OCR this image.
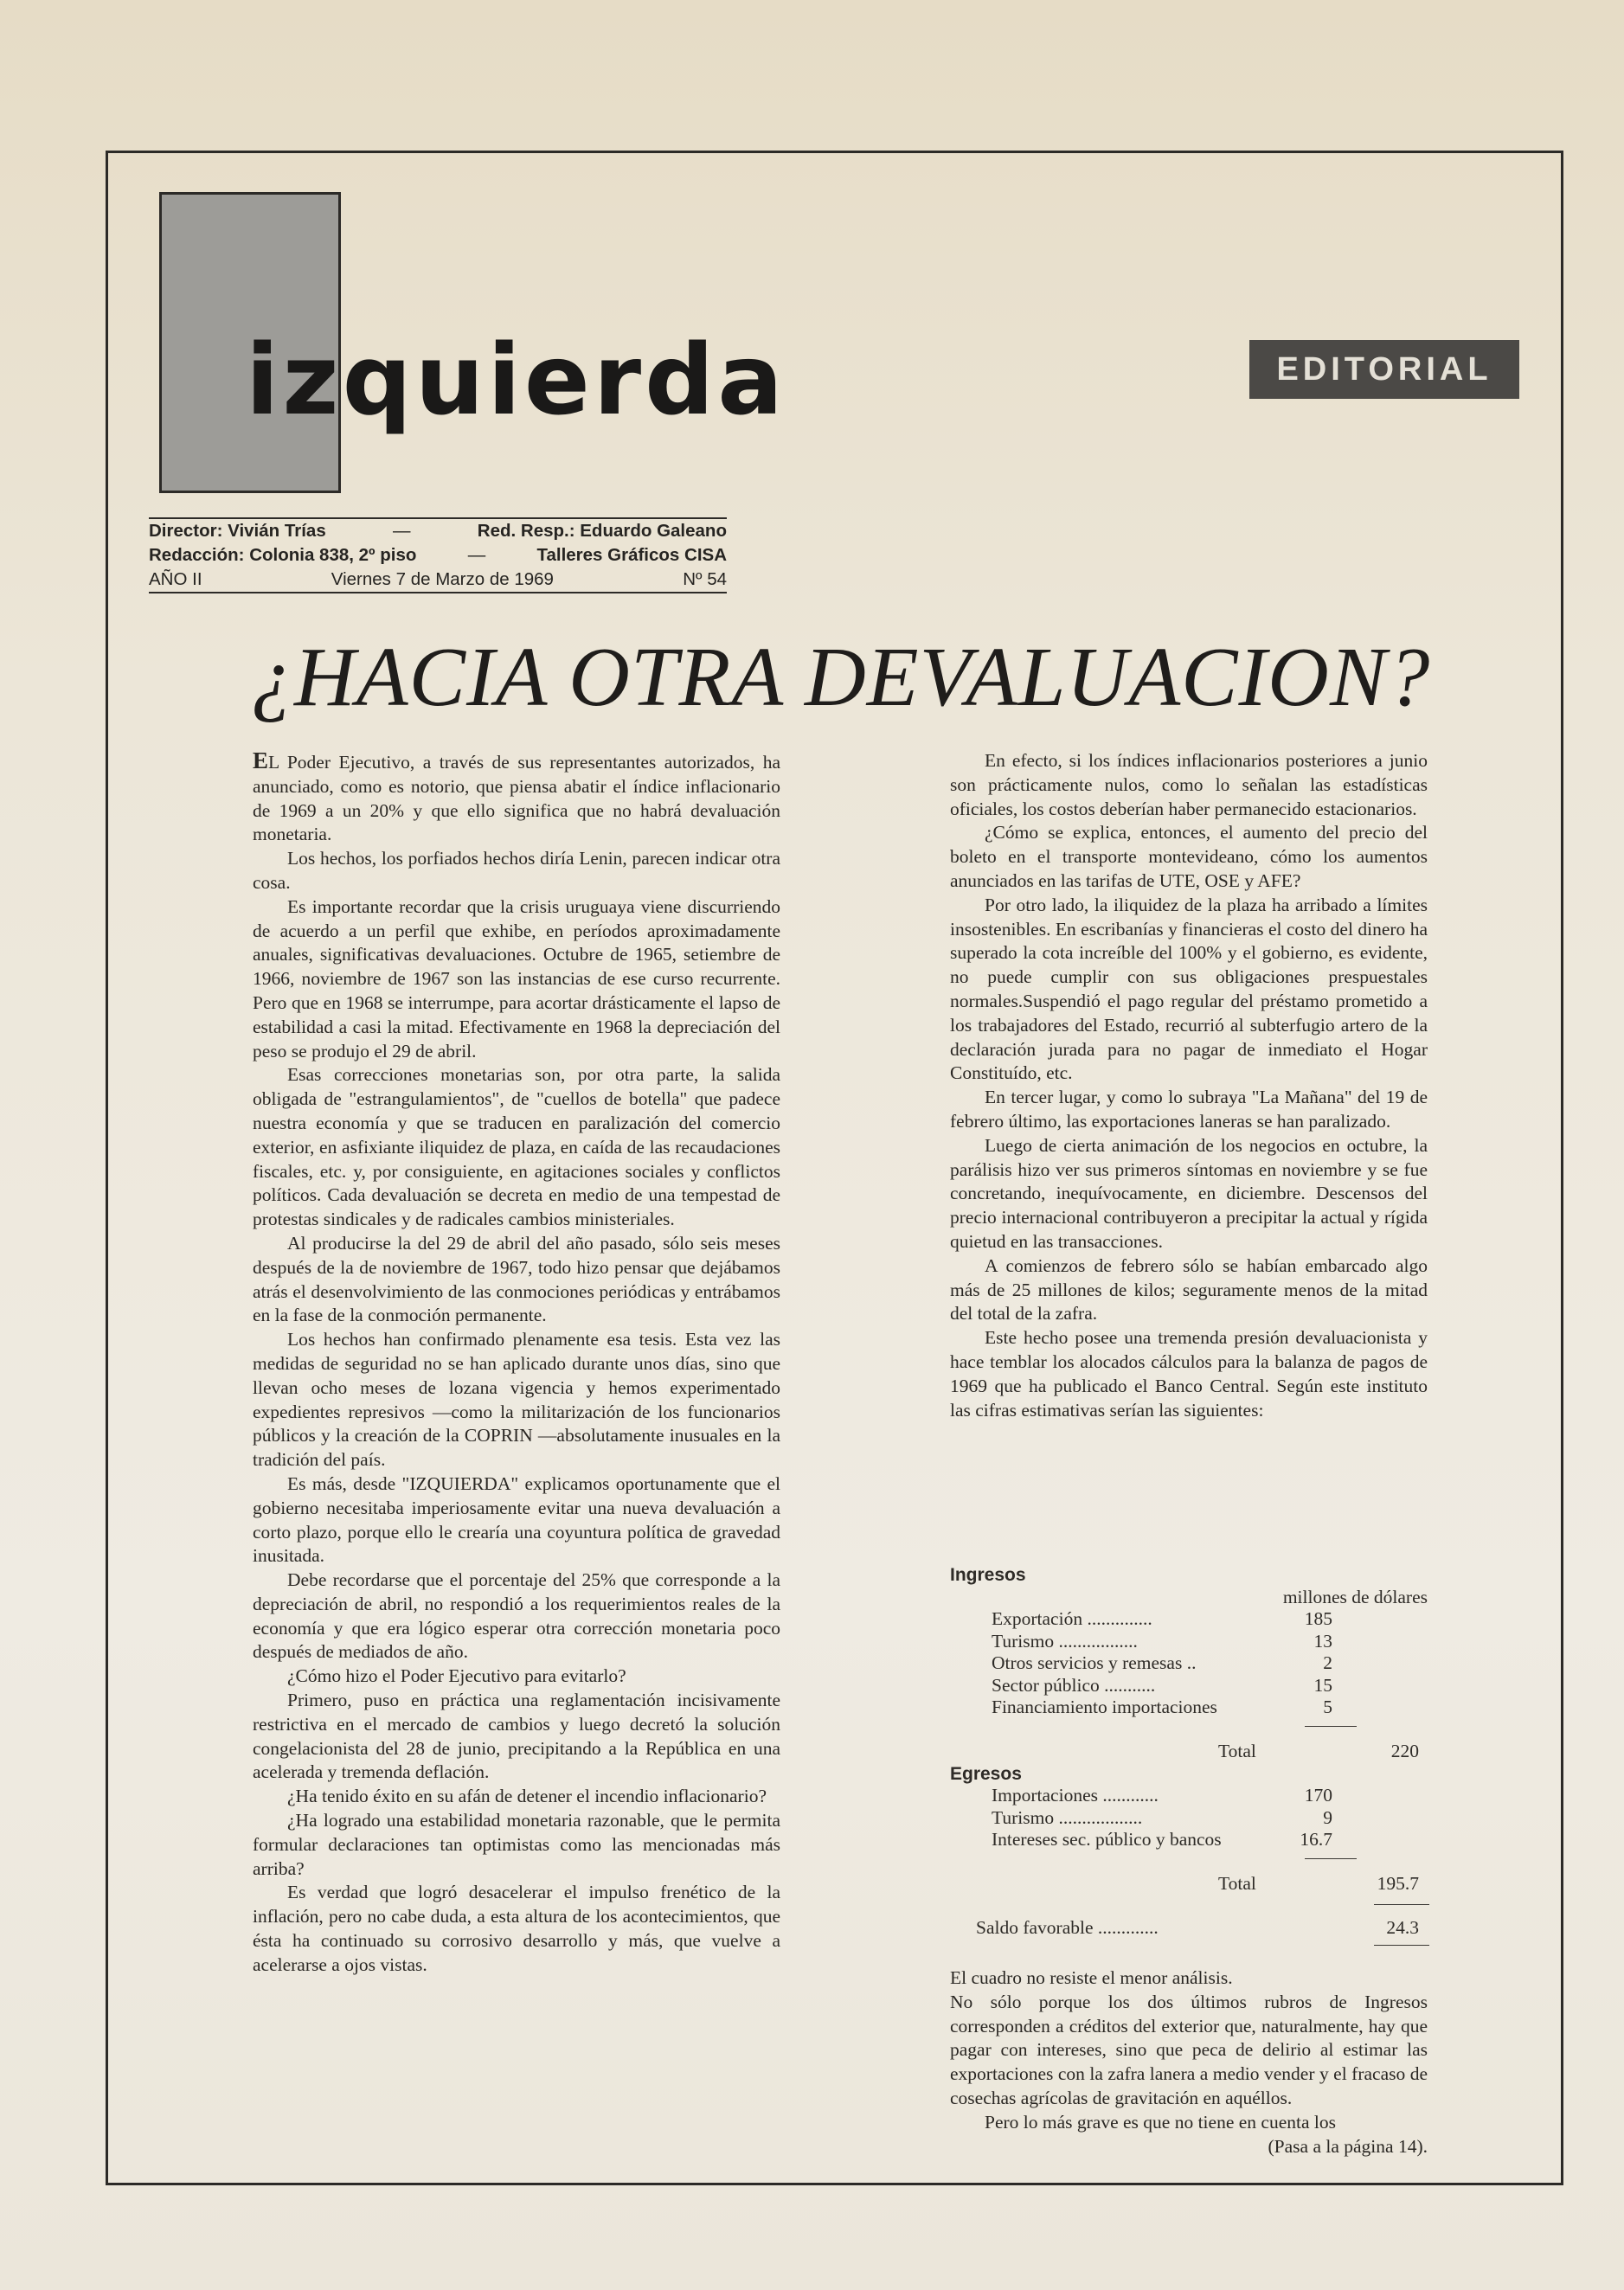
izquierda	EDITORIAL
Director: Vivián Trías	—	Red. Resp.: Eduardo Galeano
Redacción: Colonia 838, 2º piso	—	Talleres Gráficos CISA
AÑO II	Viernes 7 de Marzo de 1969	Nº 54
¿HACIA OTRA DEVALUACION?

EL Poder Ejecutivo, a través de sus representantes autorizados, ha anunciado, como es notorio, que piensa abatir el índice inflacionario de 1969 a un 20% y que ello significa que no habrá devaluación monetaria.

Los hechos, los porfiados hechos diría Lenin, parecen indicar otra cosa.

Es importante recordar que la crisis uruguaya viene discurriendo de acuerdo a un perfil que exhibe, en períodos aproximadamente anuales, significativas devaluaciones. Octubre de 1965, setiembre de 1966, noviembre de 1967 son las instancias de ese curso recurrente. Pero que en 1968 se interrumpe, para acortar drásticamente el lapso de estabilidad a casi la mitad. Efectivamente en 1968 la depreciación del peso se produjo el 29 de abril.

Esas correcciones monetarias son, por otra parte, la salida obligada de "estrangulamientos", de "cuellos de botella" que padece nuestra economía y que se traducen en paralización del comercio exterior, en asfixiante iliquidez de plaza, en caída de las recaudaciones fiscales, etc. y, por consiguiente, en agitaciones sociales y conflictos políticos. Cada devaluación se decreta en medio de una tempestad de protestas sindicales y de radicales cambios ministeriales.

Al producirse la del 29 de abril del año pasado, sólo seis meses después de la de noviembre de 1967, todo hizo pensar que dejábamos atrás el desenvolvimiento de las conmociones periódicas y entrábamos en la fase de la conmoción permanente.

Los hechos han confirmado plenamente esa tesis. Esta vez las medidas de seguridad no se han aplicado durante unos días, sino que llevan ocho meses de lozana vigencia y hemos experimentado expedientes represivos —como la militarización de los funcionarios públicos y la creación de la COPRIN —absolutamente inusuales en la tradición del país.

Es más, desde "IZQUIERDA" explicamos oportunamente que el gobierno necesitaba imperiosamente evitar una nueva devaluación a corto plazo, porque ello le crearía una coyuntura política de gravedad inusitada.

Debe recordarse que el porcentaje del 25% que corresponde a la depreciación de abril, no respondió a los requerimientos reales de la economía y que era lógico esperar otra corrección monetaria poco después de mediados de año.

¿Cómo hizo el Poder Ejecutivo para evitarlo?

Primero, puso en práctica una reglamentación incisivamente restrictiva en el mercado de cambios y luego decretó la solución congelacionista del 28 de junio, precipitando a la República en una acelerada y tremenda deflación.

¿Ha tenido éxito en su afán de detener el incendio inflacionario?

¿Ha logrado una estabilidad monetaria razonable, que le permita formular declaraciones tan optimistas como las mencionadas más arriba?

Es verdad que logró desacelerar el impulso frenético de la inflación, pero no cabe duda, a esta altura de los acontecimientos, que ésta ha continuado su corrosivo desarrollo y más, que vuelve a acelerarse a ojos vistas.

En efecto, si los índices inflacionarios posteriores a junio son prácticamente nulos, como lo señalan las estadísticas oficiales, los costos deberían haber permanecido estacionarios.

¿Cómo se explica, entonces, el aumento del precio del boleto en el transporte montevideano, cómo los aumentos anunciados en las tarifas de UTE, OSE y AFE?

Por otro lado, la iliquidez de la plaza ha arribado a límites insostenibles. En escribanías y financieras el costo del dinero ha superado la cota increíble del 100% y el gobierno, es evidente, no puede cumplir con sus obligaciones prespuestales normales.Suspendió el pago regular del préstamo prometido a los trabajadores del Estado, recurrió al subterfugio artero de la declaración jurada para no pagar de inmediato el Hogar Constituído, etc.

En tercer lugar, y como lo subraya "La Mañana" del 19 de febrero último, las exportaciones laneras se han paralizado.

Luego de cierta animación de los negocios en octubre, la parálisis hizo ver sus primeros síntomas en noviembre y se fue concretando, inequívocamente, en diciembre. Descensos del precio internacional contribuyeron a precipitar la actual y rígida quietud en las transacciones.

A comienzos de febrero sólo se habían embarcado algo más de 25 millones de kilos; seguramente menos de la mitad del total de la zafra.

Este hecho posee una tremenda presión devaluacionista y hace temblar los alocados cálculos para la balanza de pagos de 1969 que ha publicado el Banco Central. Según este instituto las cifras estimativas serían las siguientes:

Ingresos
millones de dólares
Exportación ..............	185
Turismo .................	13
Otros servicios y remesas ..	2
Sector público ...........	15
Financiamiento importaciones	5
Total	220
Egresos
Importaciones ............	170
Turismo ..................	9
Intereses sec. público y bancos	16.7
Total	195.7
Saldo favorable .............	24.3

El cuadro no resiste el menor análisis.

No sólo porque los dos últimos rubros de Ingresos corresponden a créditos del exterior que, naturalmente, hay que pagar con intereses, sino que peca de delirio al estimar las exportaciones con la zafra lanera a medio vender y el fracaso de cosechas agrícolas de gravitación en aquéllos.

Pero lo más grave es que no tiene en cuenta los

(Pasa a la página 14).
